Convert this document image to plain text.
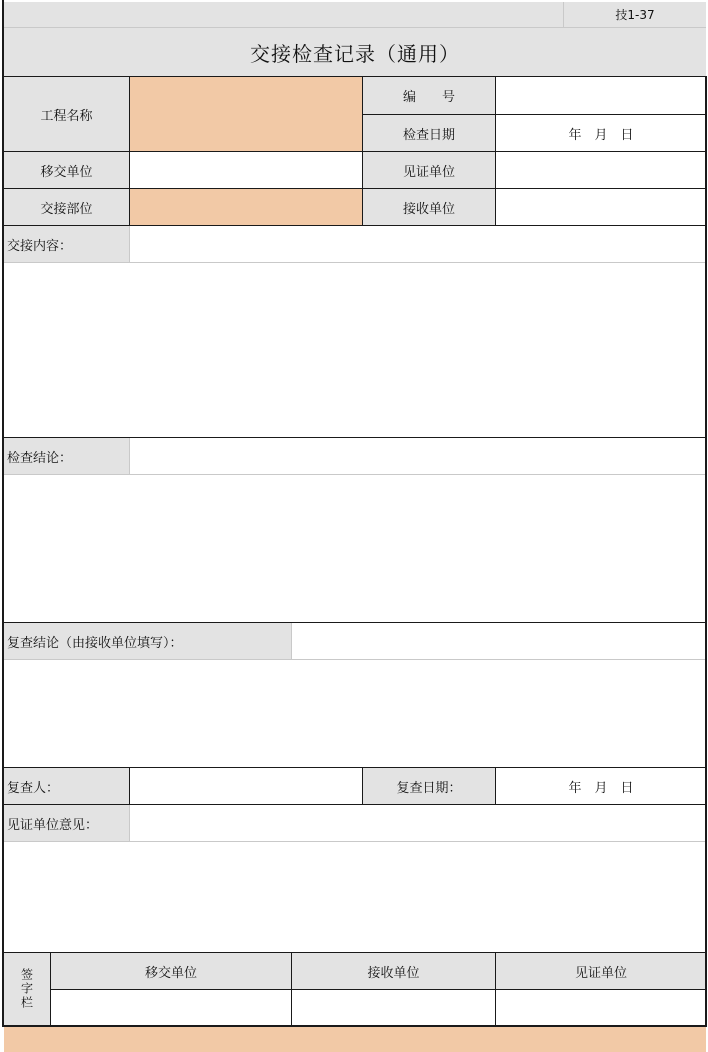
技1-37
交接检查记录（通用）
工程名称
编　　号
检查日期	年　月　日
移交单位	见证单位
交接部位	接收单位
交接内容：
检查结论：
复查结论（由接收单位填写）：
复查人：	复查日期：	年　月　日
见证单位意见：
签字栏	移交单位	接收单位	见证单位
